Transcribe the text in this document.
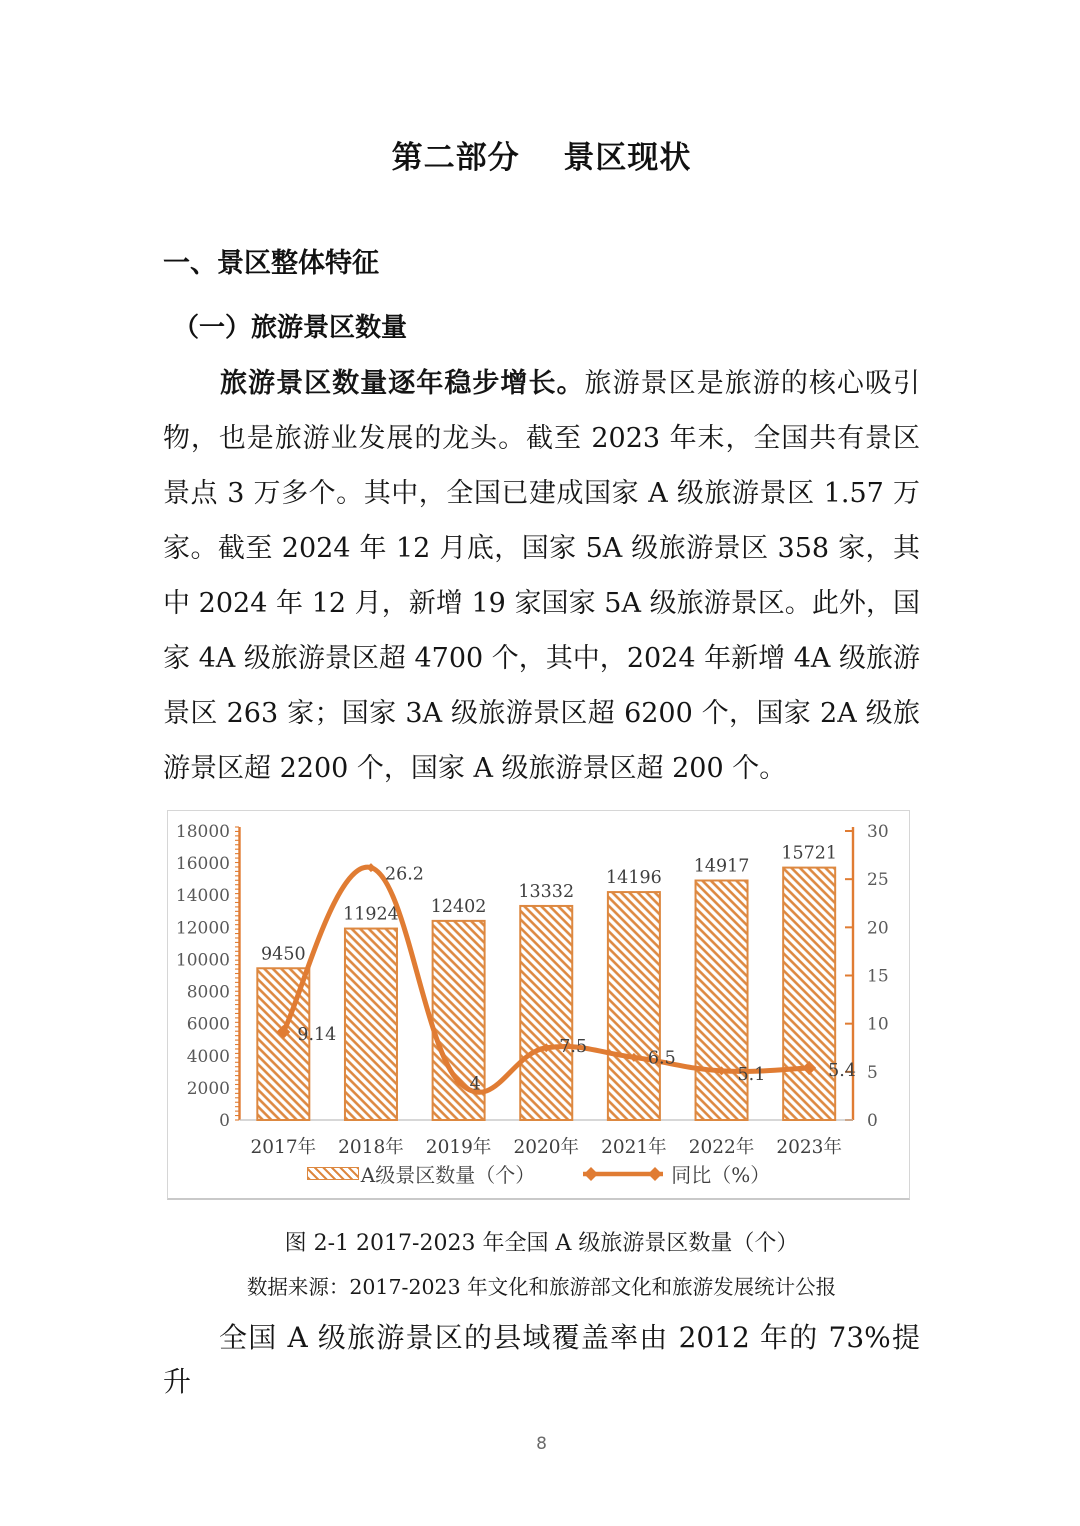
第二部分　 景区现状
一、景区整体特征
（一）旅游景区数量

旅游景区数量逐年稳步增长。旅游景区是旅游的核心吸引物，也是旅游业发展的龙头。截至 2023 年末，全国共有景区景点 3 万多个。其中，全国已建成国家 A 级旅游景区 1.57 万家。截至 2024 年 12 月底，国家 5A 级旅游景区 358 家，其中 2024 年 12 月，新增 19 家国家 5A 级旅游景区。此外，国家 4A 级旅游景区超 4700 个，其中，2024 年新增 4A 级旅游景区 263 家；国家 3A 级旅游景区超 6200 个，国家 2A 级旅游景区超 2200 个，国家 A 级旅游景区超 200 个。

0
2000
4000
6000
8000
10000
12000
14000
16000
18000
0
5
10
15
20
25
30
9450
2017年
11924
2018年
12402
2019年
13332
2020年
14196
2021年
14917
2022年
15721
2023年
9.14
26.2
4
7.5
6.5
5.1	5.4
A级景区数量（个）	同比（%）

图 2-1 2017-2023 年全国 A 级旅游景区数量（个）

数据来源：2017-2023 年文化和旅游部文化和旅游发展统计公报

全国 A 级旅游景区的县域覆盖率由 2012 年的 73%提升

8
